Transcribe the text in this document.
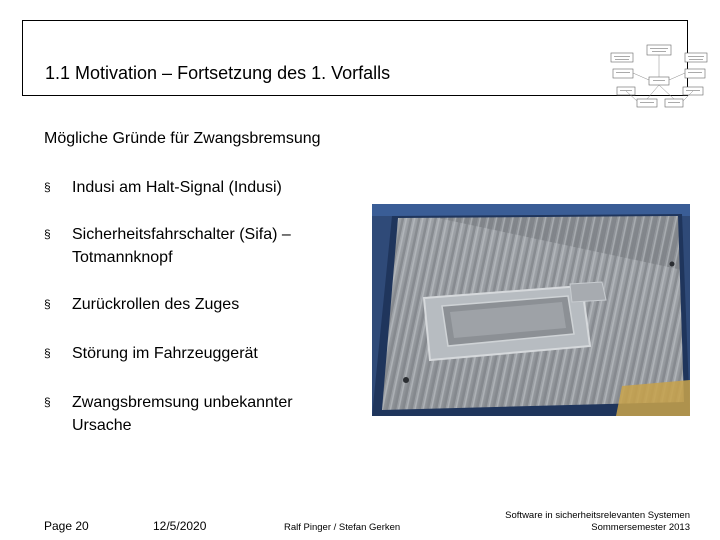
1.1 Motivation – Fortsetzung des 1. Vorfalls
Mögliche Gründe für Zwangsbremsung
§ Indusi am Halt-Signal (Indusi)
§ Sicherheitsfahrschalter (Sifa) –
Totmannknopf
§ Zurückrollen des Zuges
§ Störung im Fahrzeuggerät
§ Zwangsbremsung unbekannter
Ursache
Page 20	12/5/2020	Ralf Pinger / Stefan Gerken
Software in sicherheitsrelevanten Systemen
Sommersemester 2013
